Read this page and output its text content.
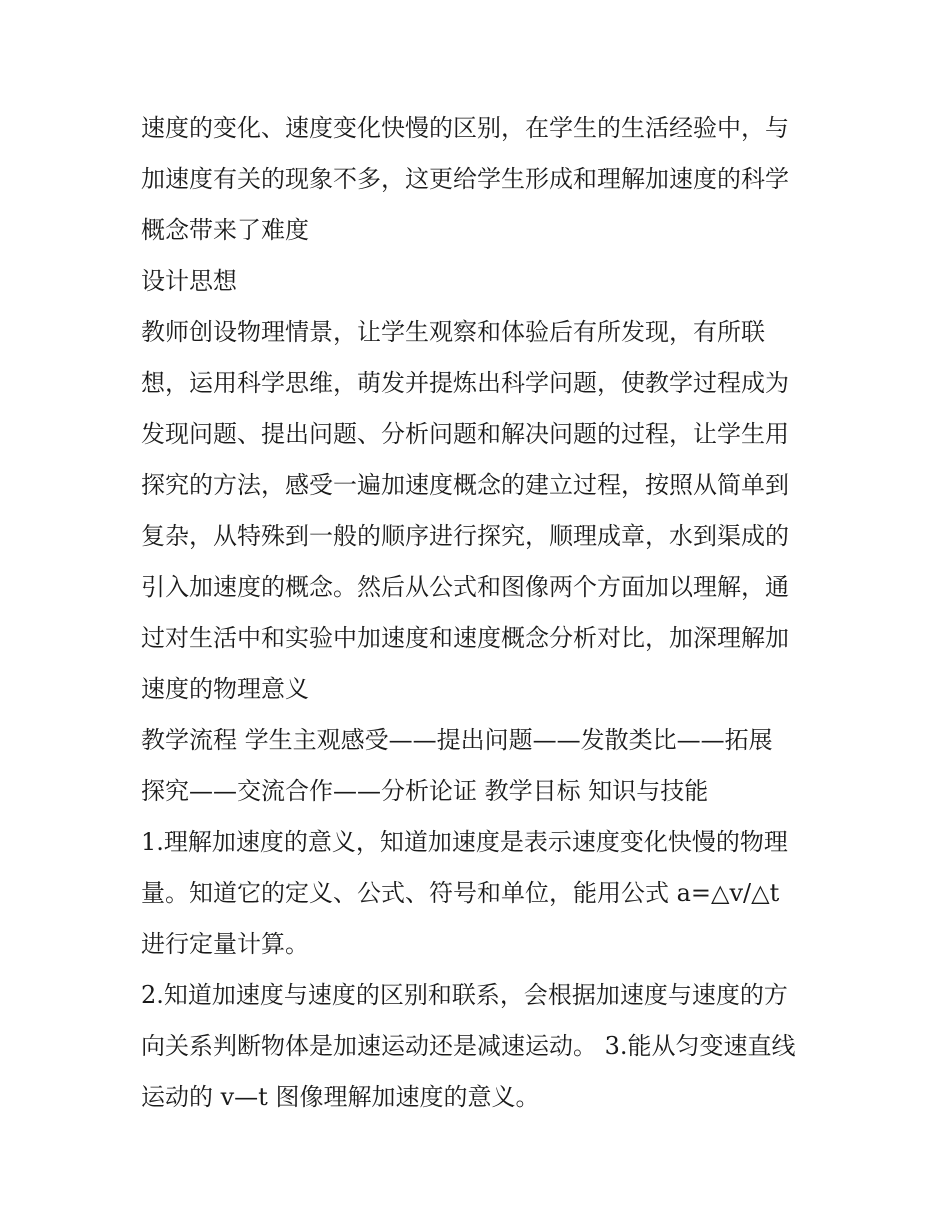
速度的变化、速度变化快慢的区别，在学生的生活经验中，与
加速度有关的现象不多，这更给学生形成和理解加速度的科学
概念带来了难度
设计思想
教师创设物理情景，让学生观察和体验后有所发现，有所联
想，运用科学思维，萌发并提炼出科学问题，使教学过程成为
发现问题、提出问题、分析问题和解决问题的过程，让学生用
探究的方法，感受一遍加速度概念的建立过程，按照从简单到
复杂，从特殊到一般的顺序进行探究，顺理成章，水到渠成的
引入加速度的概念。然后从公式和图像两个方面加以理解，通
过对生活中和实验中加速度和速度概念分析对比，加深理解加
速度的物理意义
教学流程 学生主观感受——提出问题——发散类比——拓展
探究——交流合作——分析论证 教学目标 知识与技能
1.理解加速度的意义，知道加速度是表示速度变化快慢的物理
量。知道它的定义、公式、符号和单位，能用公式 a=△v/△t
进行定量计算。
2.知道加速度与速度的区别和联系，会根据加速度与速度的方
向关系判断物体是加速运动还是减速运动。 3.能从匀变速直线
运动的 v—t 图像理解加速度的意义。
